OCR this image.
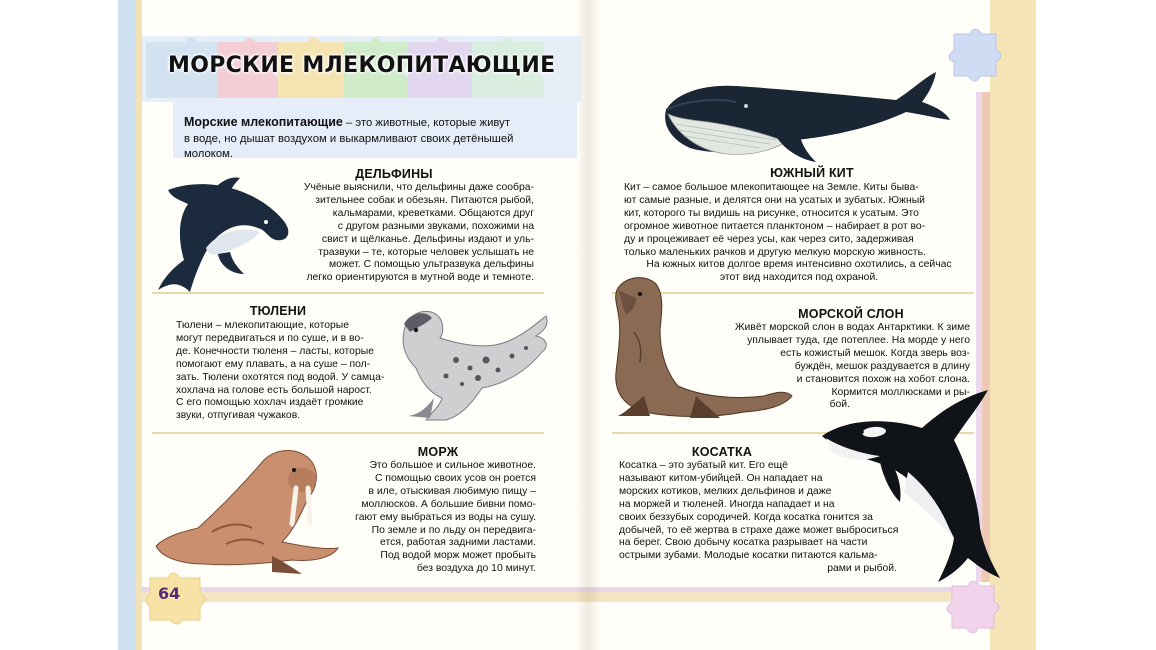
МОРСКИЕ МЛЕКОПИТАЮЩИЕ
Морские млекопитающие – это животные, которые живут
в воде, но дышат воздухом и выкармливают своих детёнышей
молоком.
ДЕЛЬФИНЫ
Учёные выяснили, что дельфины даже сообра-
зительнее собак и обезьян. Питаются рыбой,
кальмарами, креветками. Общаются друг
с другом разными звуками, похожими на
свист и щёлканье. Дельфины издают и уль-
тразвуки – те, которые человек услышать не
может. С помощью ультразвука дельфины
легко ориентируются в мутной воде и темноте.
ТЮЛЕНИ
Тюлени – млекопитающие, которые
могут передвигаться и по суше, и в во-
де. Конечности тюленя – ласты, которые
помогают ему плавать, а на суше – пол-
зать. Тюлени охотятся под водой. У самца-
хохлача на голове есть большой нарост.
С его помощью хохлач издаёт громкие
звуки, отпугивая чужаков.
МОРЖ
Это большое и сильное животное.
С помощью своих усов он роется
в иле, отыскивая любимую пищу –
моллюсков. А большие бивни помо-
гают ему выбраться из воды на сушу.
По земле и по льду он передвига-
ется, работая задними ластами.
Под водой морж может пробыть
без воздуха до 10 минут.
64
ЮЖНЫЙ КИТ
Кит – самое большое млекопитающее на Земле. Киты быва-
ют самые разные, и делятся они на усатых и зубатых. Южный
кит, которого ты видишь на рисунке, относится к усатым. Это
огромное животное питается планктоном – набирает в рот во-
ду и процеживает её через усы, как через сито, задерживая
только маленьких рачков и другую мелкую морскую живность.
На южных китов долгое время интенсивно охотились, а сейчас
этот вид находится под охраной.
МОРСКОЙ СЛОН
Живёт морской слон в водах Антарктики. К зиме
уплывает туда, где потеплее. На морде у него
есть кожистый мешок. Когда зверь воз-
буждён, мешок раздувается в длину
и становится похож на хобот слона.
Кормится моллюсками и ры-
бой.
КОСАТКА
Косатка – это зубатый кит. Его ещё
называют китом-убийцей. Он нападает на
морских котиков, мелких дельфинов и даже
на моржей и тюленей. Иногда нападает и на
своих беззубых сородичей. Когда косатка гонится за
добычей, то её жертва в страхе даже может выброситься
на берег. Свою добычу косатка разрывает на части
острыми зубами. Молодые косатки питаются кальма-
рами и рыбой.
